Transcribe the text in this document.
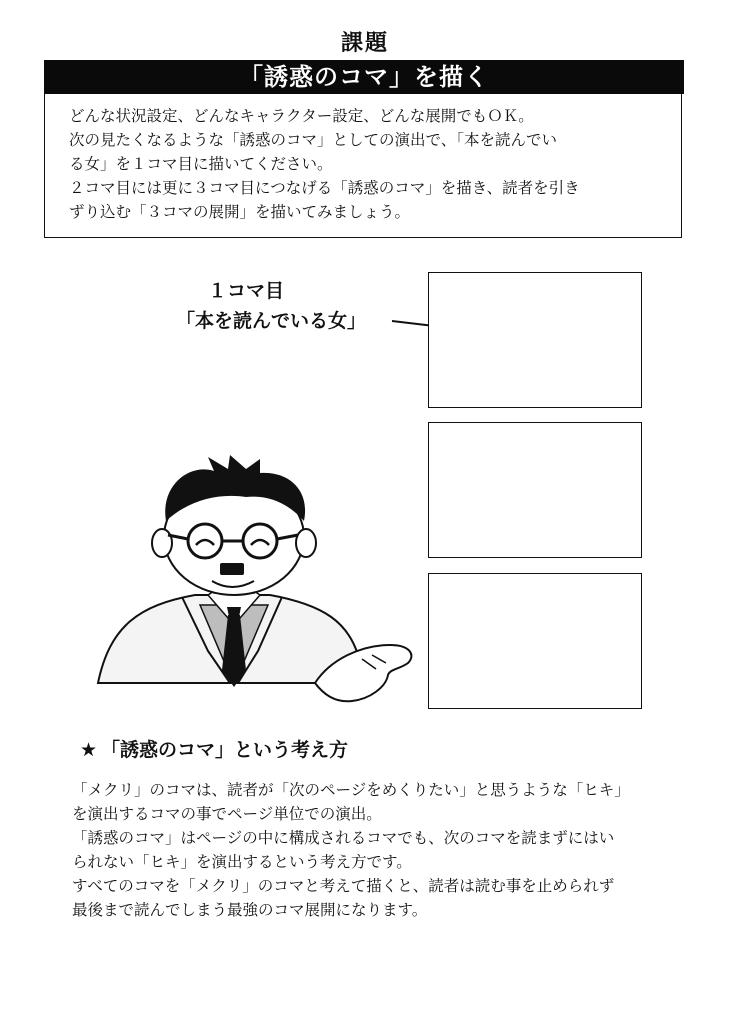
課題
「誘惑のコマ」を描く
どんな状況設定、どんなキャラクター設定、どんな展開でもＯＫ。
次の見たくなるような「誘惑のコマ」としての演出で、「本を読んでい
る女」を１コマ目に描いてください。
２コマ目には更に３コマ目につなげる「誘惑のコマ」を描き、読者を引き
ずり込む「３コマの展開」を描いてみましょう。
１コマ目
「本を読んでいる女」
★ 「誘惑のコマ」という考え方
「メクリ」のコマは、読者が「次のページをめくりたい」と思うような「ヒキ」
を演出するコマの事でページ単位での演出。
「誘惑のコマ」はページの中に構成されるコマでも、次のコマを読まずにはい
られない「ヒキ」を演出するという考え方です。
すべてのコマを「メクリ」のコマと考えて描くと、読者は読む事を止められず
最後まで読んでしまう最強のコマ展開になります。
